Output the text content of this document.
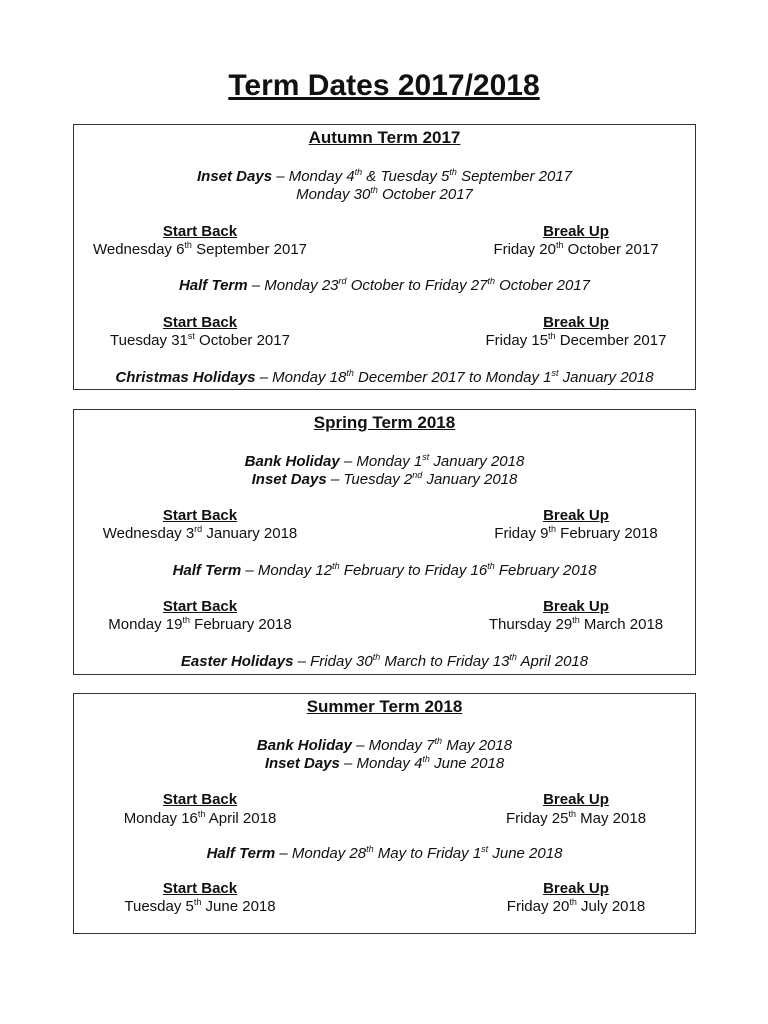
Term Dates 2017/2018
Autumn Term 2017
Inset Days – Monday 4th & Tuesday 5th September 2017
Monday 30th October 2017
Start Back	Break Up
Wednesday 6th September 2017	Friday 20th October 2017
Half Term – Monday 23rd October to Friday 27th October 2017
Start Back	Break Up
Tuesday 31st October 2017	Friday 15th December 2017
Christmas Holidays – Monday 18th December 2017 to Monday 1st January 2018
Spring Term 2018
Bank Holiday – Monday 1st January 2018
Inset Days – Tuesday 2nd January 2018
Start Back	Break Up
Wednesday 3rd January 2018	Friday 9th February 2018
Half Term – Monday 12th February to Friday 16th February 2018
Start Back	Break Up
Monday 19th February 2018	Thursday 29th March 2018
Easter Holidays – Friday 30th March to Friday 13th April 2018
Summer Term 2018
Bank Holiday – Monday 7th May 2018
Inset Days – Monday 4th June 2018
Start Back	Break Up
Monday 16th April 2018	Friday 25th May 2018
Half Term – Monday 28th May to Friday 1st June 2018
Start Back	Break Up
Tuesday 5th June 2018	Friday 20th July 2018
